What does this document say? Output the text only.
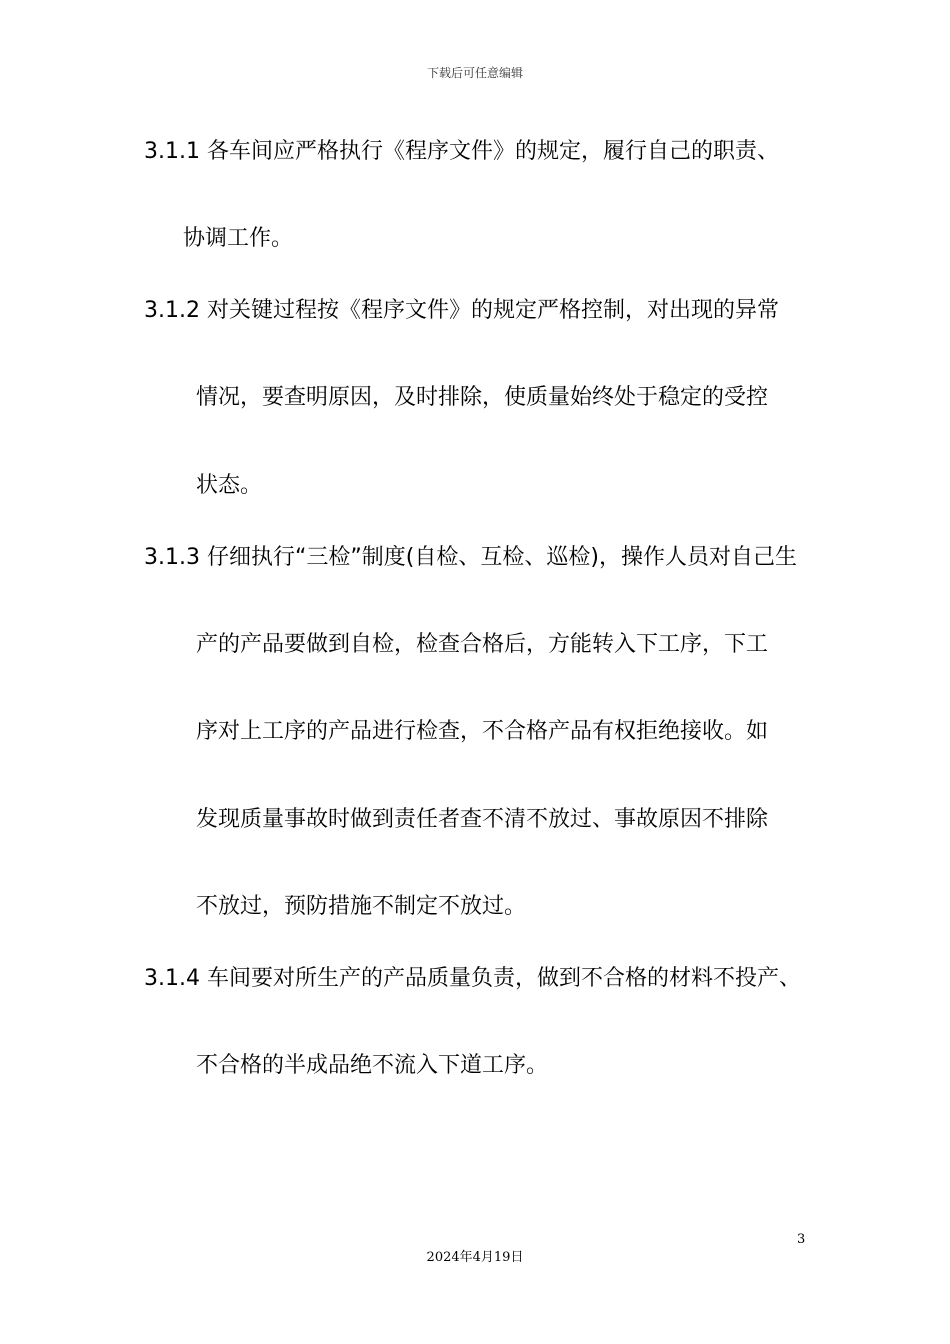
下载后可任意编辑
3.1.1 各车间应严格执行《程序文件》的规定，履行自己的职责、
协调工作。
3.1.2 对关键过程按《程序文件》的规定严格控制，对出现的异常
情况，要查明原因，及时排除，使质量始终处于稳定的受控
状态。
3.1.3 仔细执行“三检”制度(自检、互检、巡检)，操作人员对自己生
产的产品要做到自检，检查合格后，方能转入下工序，下工
序对上工序的产品进行检查，不合格产品有权拒绝接收。如
发现质量事故时做到责任者查不清不放过、事故原因不排除
不放过，预防措施不制定不放过。
3.1.4 车间要对所生产的产品质量负责，做到不合格的材料不投产、
不合格的半成品绝不流入下道工序。
3
2024年4月19日
